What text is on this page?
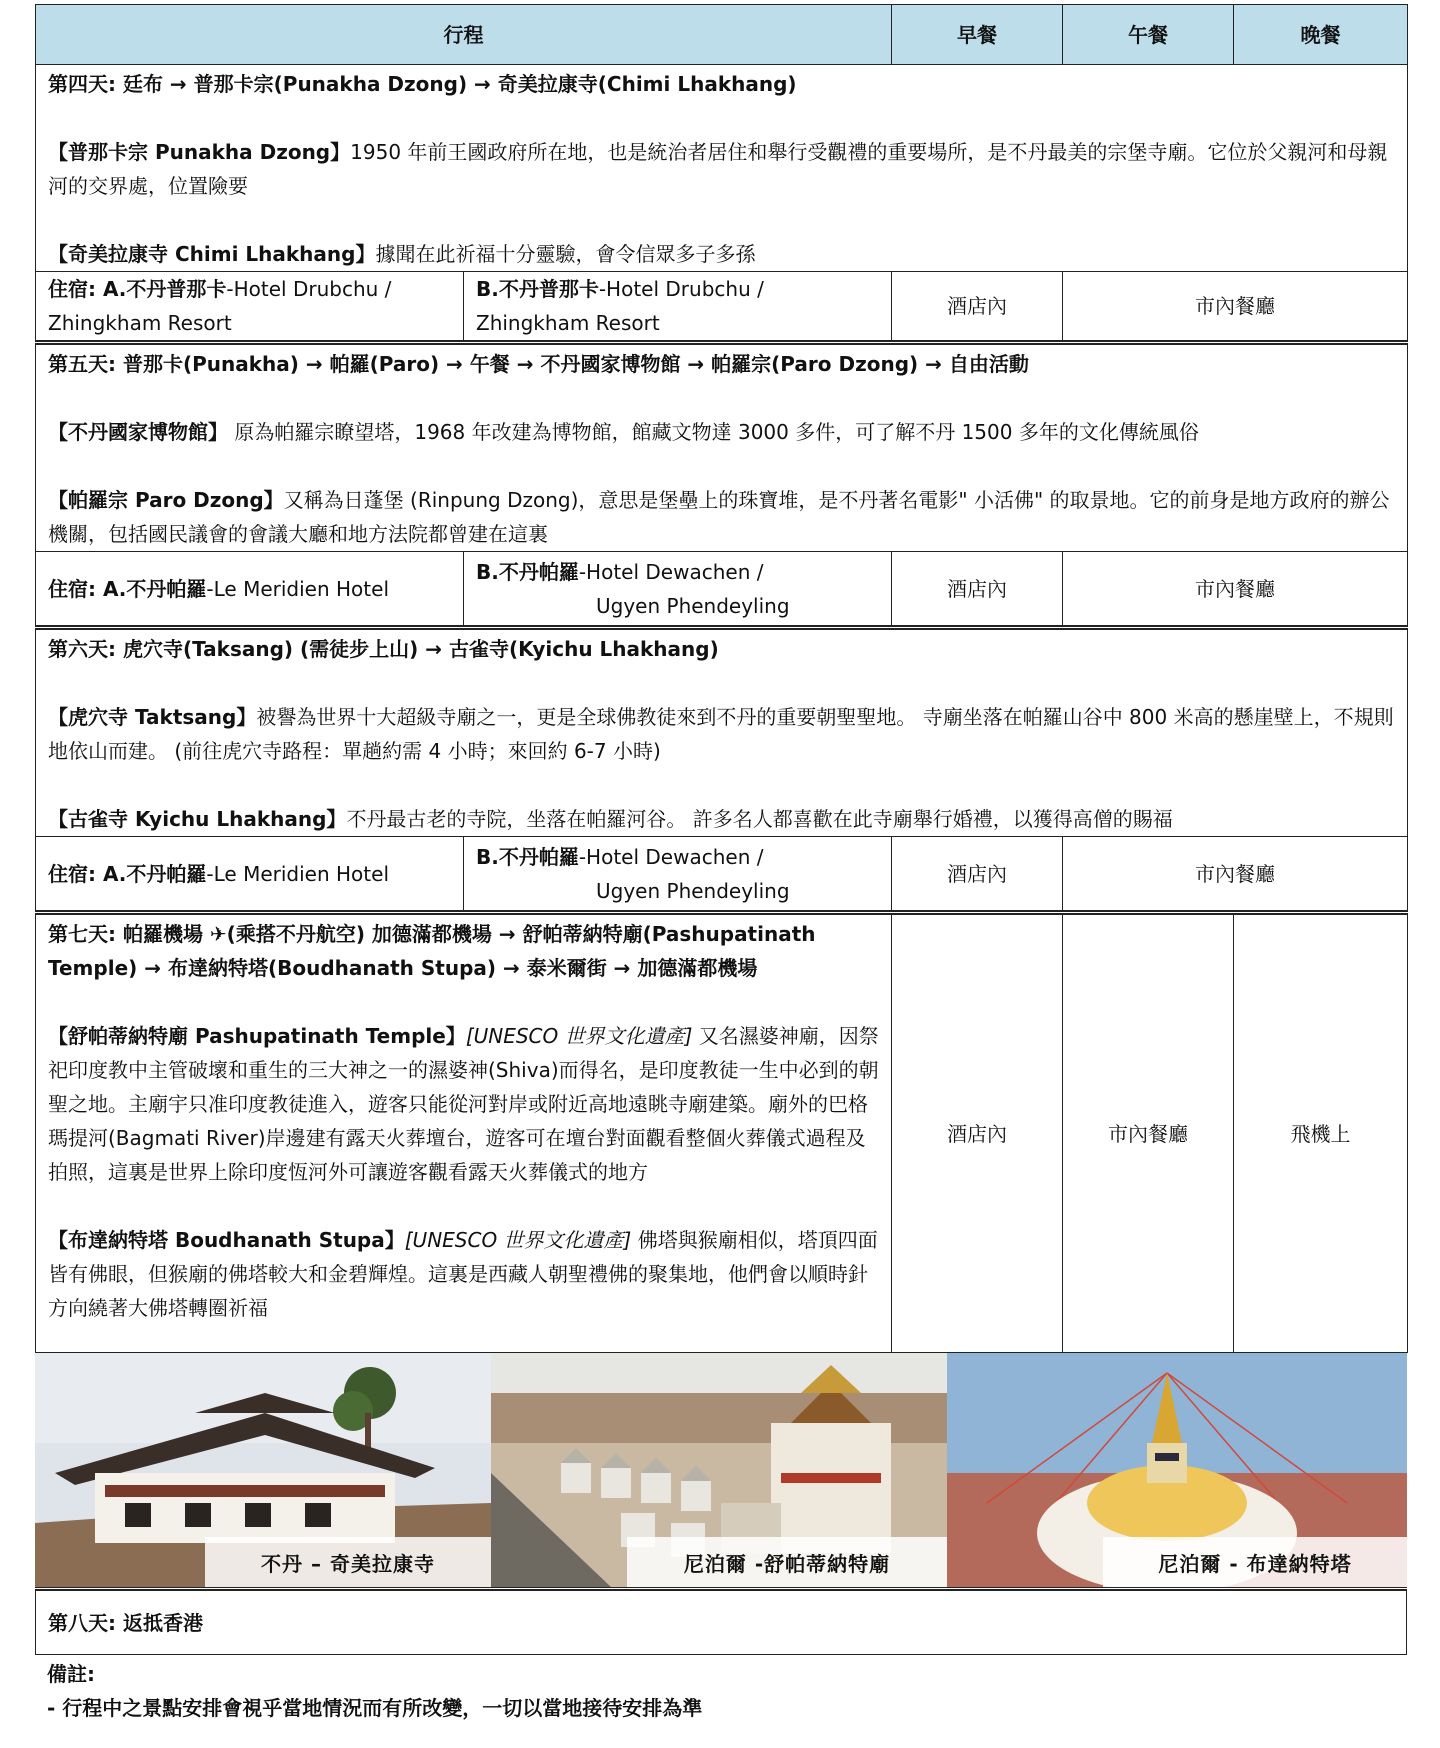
行程		早餐	午餐	晚餐

第四天: 廷布 → 普那卡宗(Punakha Dzong) → 奇美拉康寺(Chimi Lhakhang)
【普那卡宗 Punakha Dzong】1950 年前王國政府所在地，也是統治者居住和舉行受觀禮的重要場所，是不丹最美的宗堡寺廟。它位於父親河和母親河的交界處，位置險要
【奇美拉康寺 Chimi Lhakhang】據聞在此祈福十分靈驗，會令信眾多子多孫				

住宿: A.不丹普那卡-Hotel Drubchu / Zhingkham Resort	B.不丹普那卡-Hotel Drubchu / Zhingkham Resort	酒店內	市內餐廳	

第五天: 普那卡(Punakha) → 帕羅(Paro) → 午餐 → 不丹國家博物館 → 帕羅宗(Paro Dzong) → 自由活動
【不丹國家博物館】 原為帕羅宗瞭望塔，1968 年改建為博物館，館藏文物達 3000 多件，可了解不丹 1500 多年的文化傳統風俗
【帕羅宗 Paro Dzong】又稱為日蓬堡 (Rinpung Dzong)，意思是堡壘上的珠寶堆，是不丹著名電影" 小活佛" 的取景地。它的前身是地方政府的辦公機關，包括國民議會的會議大廳和地方法院都曾建在這裏				

住宿: A.不丹帕羅-Le Meridien Hotel	B.不丹帕羅-Hotel Dewachen /
Ugyen Phendeyling	酒店內	市內餐廳	

第六天: 虎穴寺(Taksang) (需徒步上山) → 古雀寺(Kyichu Lhakhang)
【虎穴寺 Taktsang】被譽為世界十大超級寺廟之一，更是全球佛教徒來到不丹的重要朝聖聖地。 寺廟坐落在帕羅山谷中 800 米高的懸崖壁上，不規則地依山而建。 (前往虎穴寺路程：單趟約需 4 小時；來回約 6-7 小時)
【古雀寺 Kyichu Lhakhang】不丹最古老的寺院，坐落在帕羅河谷。 許多名人都喜歡在此寺廟舉行婚禮，以獲得高僧的賜福				

住宿: A.不丹帕羅-Le Meridien Hotel	B.不丹帕羅-Hotel Dewachen /
Ugyen Phendeyling	酒店內	市內餐廳	

第七天: 帕羅機場 ✈(乘搭不丹航空) 加德滿都機場 → 舒帕蒂納特廟(Pashupatinath Temple) → 布達納特塔(Boudhanath Stupa) → 泰米爾街 → 加德滿都機場
【舒帕蒂納特廟 Pashupatinath Temple】[UNESCO 世界文化遺產] 又名濕婆神廟，因祭祀印度教中主管破壞和重生的三大神之一的濕婆神(Shiva)而得名，是印度教徒一生中必到的朝聖之地。主廟宇只准印度教徒進入，遊客只能從河對岸或附近高地遠眺寺廟建築。廟外的巴格瑪提河(Bagmati River)岸邊建有露天火葬壇台，遊客可在壇台對面觀看整個火葬儀式過程及拍照，這裏是世界上除印度恆河外可讓遊客觀看露天火葬儀式的地方
【布達納特塔 Boudhanath Stupa】[UNESCO 世界文化遺產] 佛塔與猴廟相似，塔頂四面皆有佛眼，但猴廟的佛塔較大和金碧輝煌。這裏是西藏人朝聖禮佛的聚集地，他們會以順時針方向繞著大佛塔轉圈祈福		酒店內	市內餐廳	飛機上
不丹 – 奇美拉康寺	尼泊爾 -舒帕蒂納特廟	尼泊爾 - 布達納特塔
第八天: 返抵香港
備註:
- 行程中之景點安排會視乎當地情況而有所改變，一切以當地接待安排為準
